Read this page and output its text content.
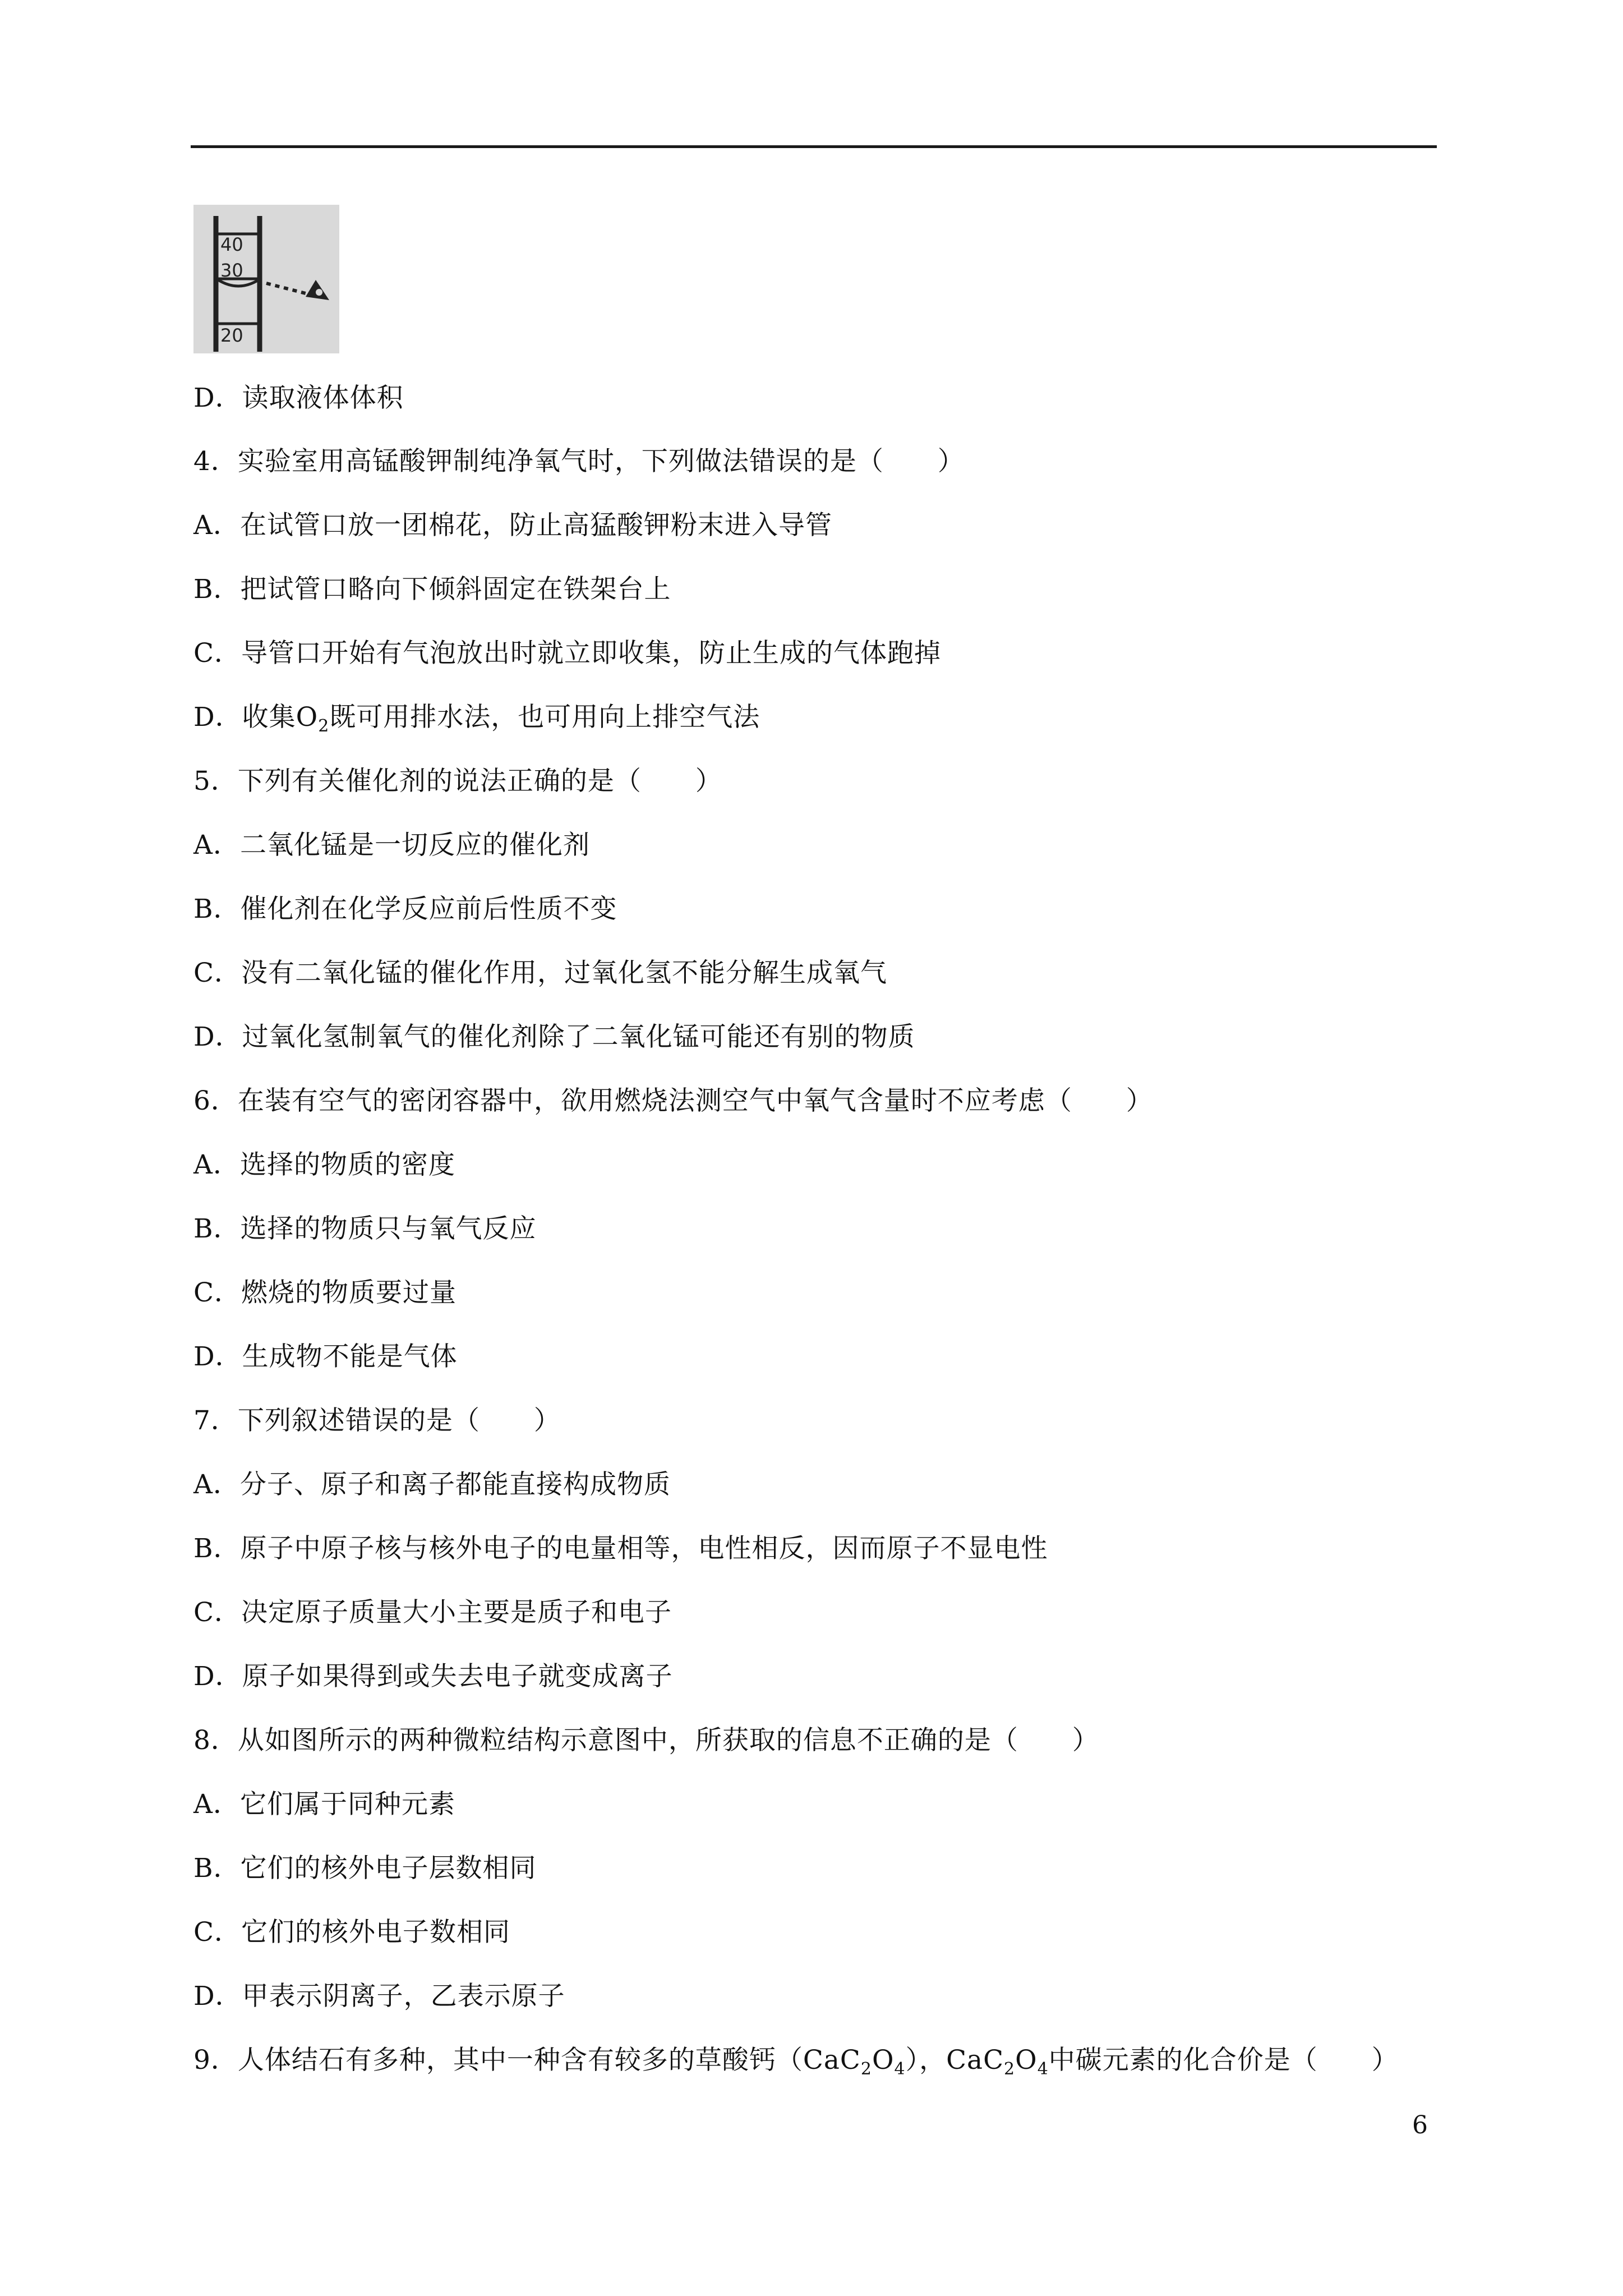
40
30
20
D．读取液体体积
4．实验室用高锰酸钾制纯净氧气时，下列做法错误的是（　　）
A．在试管口放一团棉花，防止高猛酸钾粉末进入导管
B．把试管口略向下倾斜固定在铁架台上
C．导管口开始有气泡放出时就立即收集，防止生成的气体跑掉
D．收集$O_2$既可用排水法，也可用向上排空气法
5．下列有关催化剂的说法正确的是（　　）
A．二氧化锰是一切反应的催化剂
B．催化剂在化学反应前后性质不变
C．没有二氧化锰的催化作用，过氧化氢不能分解生成氧气
D．过氧化氢制氧气的催化剂除了二氧化锰可能还有别的物质
6．在装有空气的密闭容器中，欲用燃烧法测空气中氧气含量时不应考虑（　　）
A．选择的物质的密度
B．选择的物质只与氧气反应
C．燃烧的物质要过量
D．生成物不能是气体
7．下列叙述错误的是（　　）
A．分子、原子和离子都能直接构成物质
B．原子中原子核与核外电子的电量相等，电性相反，因而原子不显电性
C．决定原子质量大小主要是质子和电子
D．原子如果得到或失去电子就变成离子
8．从如图所示的两种微粒结构示意图中，所获取的信息不正确的是（　　）
A．它们属于同种元素
B．它们的核外电子层数相同
C．它们的核外电子数相同
D．甲表示阴离子，乙表示原子
9．人体结石有多种，其中一种含有较多的草酸钙$(CaC_2O_4)$，$CaC_2O_4$中碳元素的化合价是（　　）
6
